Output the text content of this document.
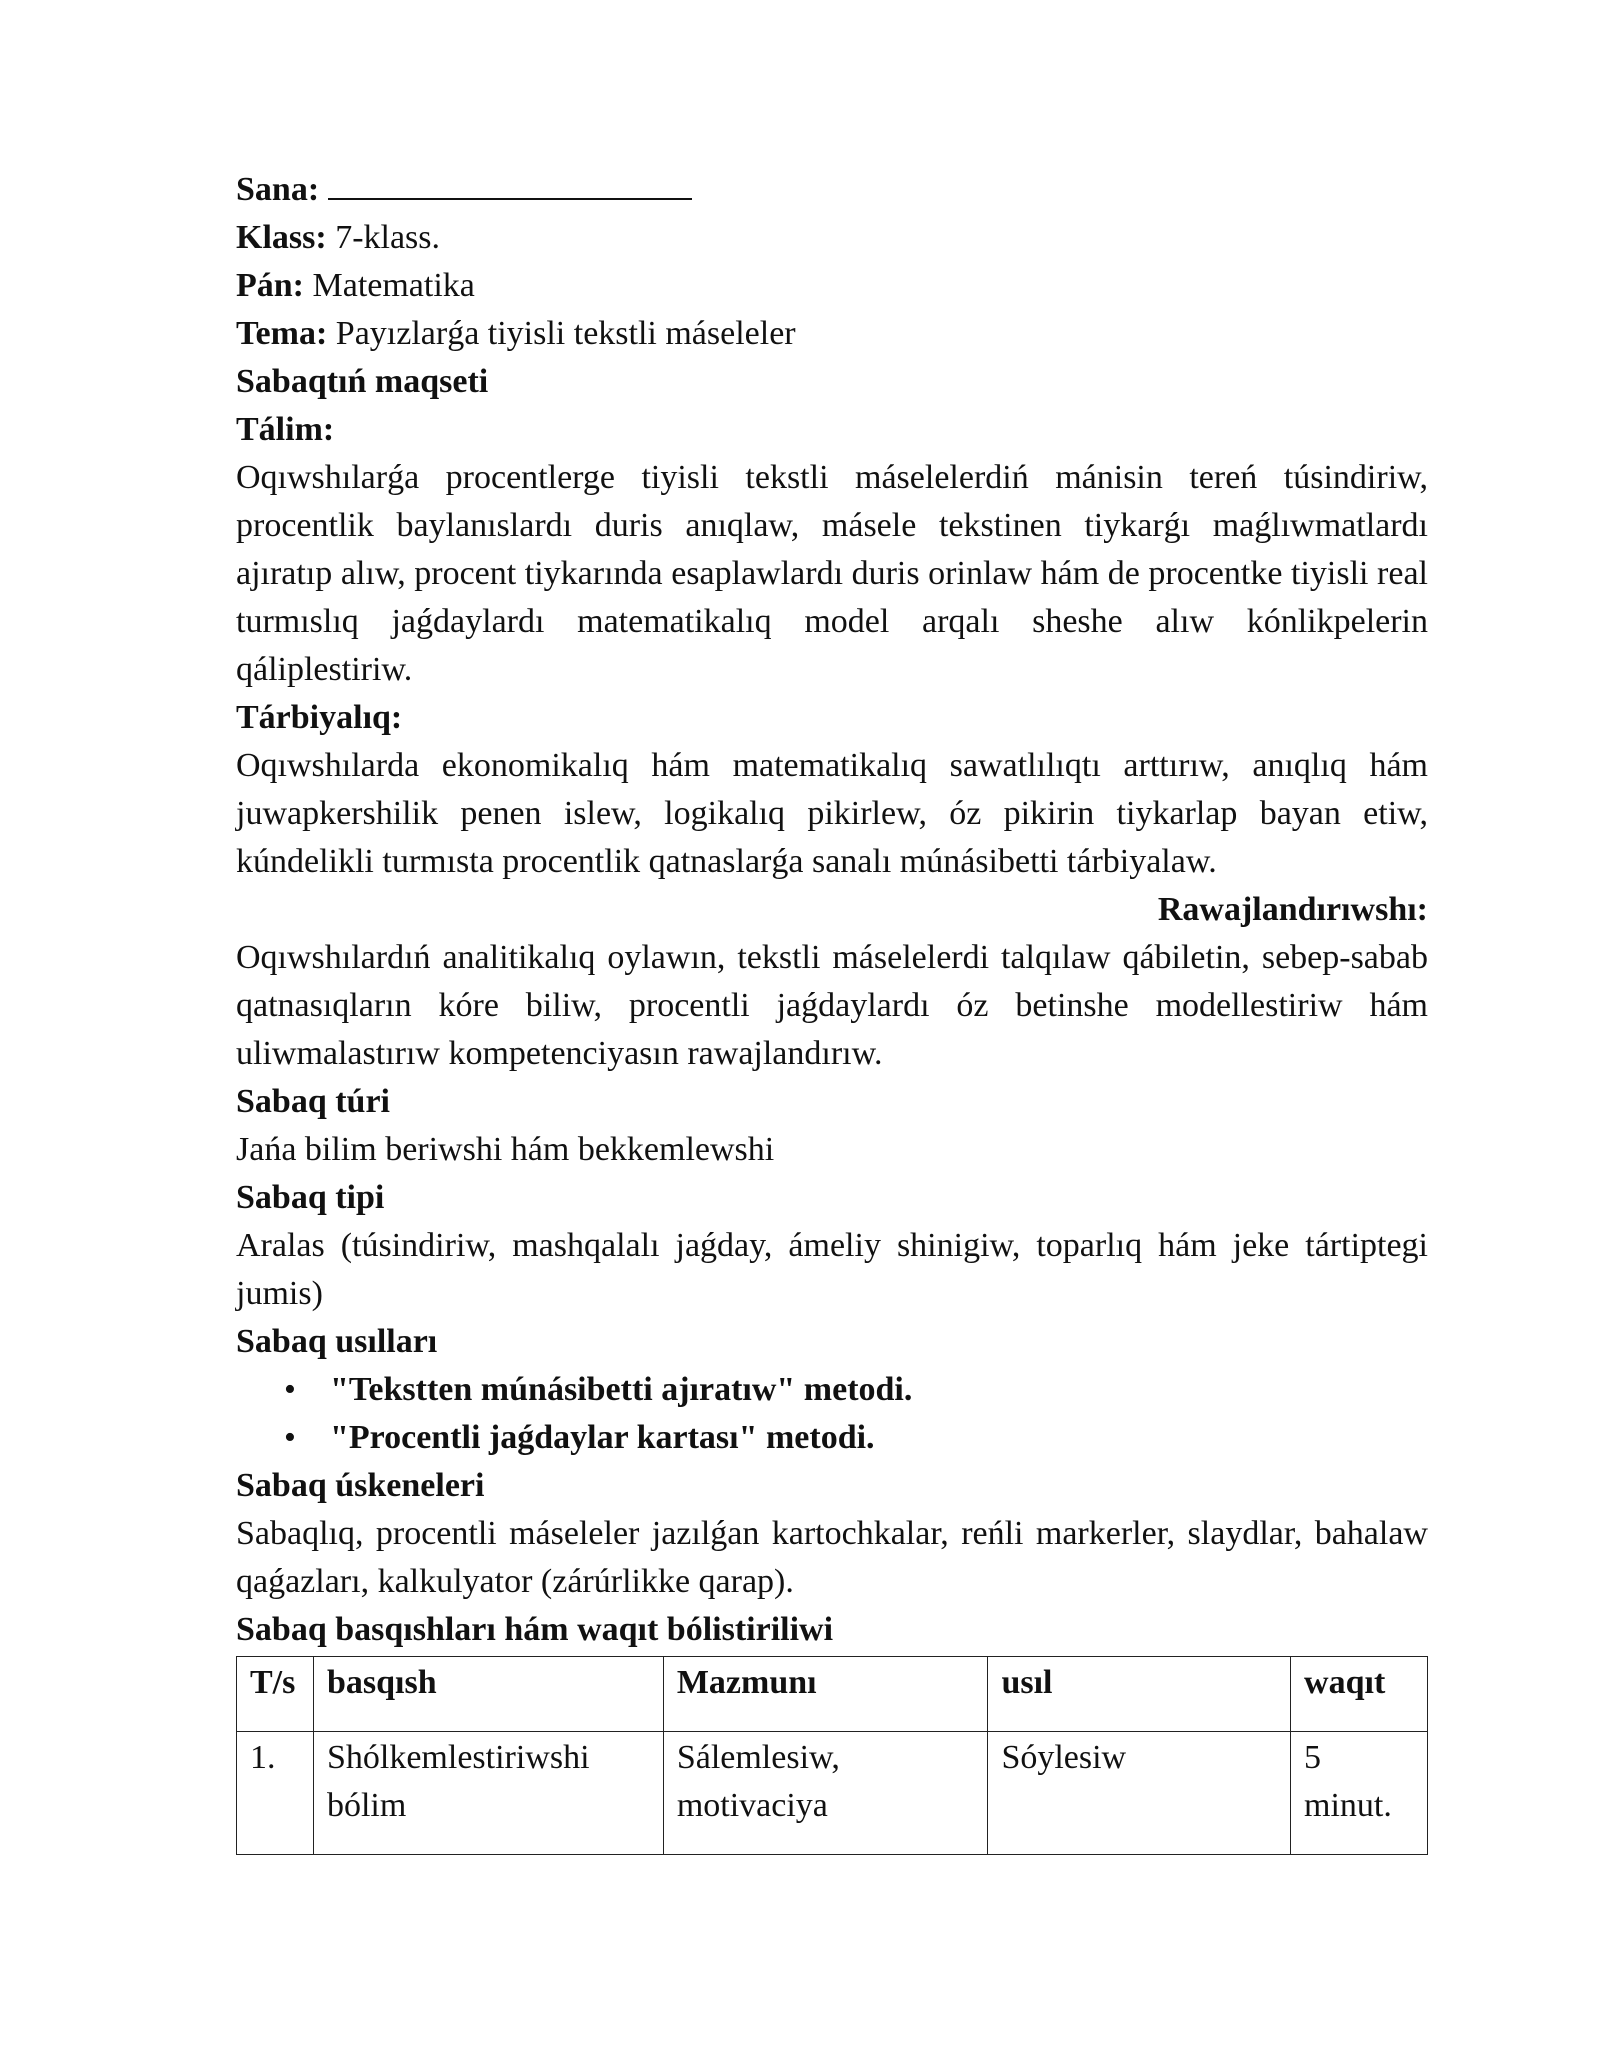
Sana:
Klass: 7-klass.
Pán: Matematika
Tema: Payızlarǵa tiyisli tekstli máseleler
Sabaqtıń maqseti
Tálim:
Oqıwshılarǵa procentlerge tiyisli tekstli máselelerdiń mánisin tereń túsindiriw, procentlik baylanıslardı duris anıqlaw, másele tekstinen tiykarǵı maǵlıwmatlardı ajıratıp alıw, procent tiykarında esaplawlardı duris orinlaw hám de procentke tiyisli real turmıslıq jaǵdaylardı matematikalıq model arqalı sheshe alıw kónlikpelerin qáliplestiriw.
Tárbiyalıq:
Oqıwshılarda ekonomikalıq hám matematikalıq sawatlılıqtı arttırıw, anıqlıq hám juwapkershilik penen islew, logikalıq pikirlew, óz pikirin tiykarlap bayan etiw, kúndelikli turmısta procentlik qatnaslarǵa sanalı múnásibetti tárbiyalaw.
Rawajlandırıwshı:
Oqıwshılardıń analitikalıq oylawın, tekstli máselelerdi talqılaw qábiletin, sebep-sabab qatnasıqların kóre biliw, procentli jaǵdaylardı óz betinshe modellestiriw hám uliwmalastırıw kompetenciyasın rawajlandırıw.
Sabaq túri
Jańa bilim beriwshi hám bekkemlewshi
Sabaq tipi
Aralas (túsindiriw, mashqalalı jaǵday, ámeliy shinigiw, toparlıq hám jeke tártiptegi jumis)
Sabaq usılları
• "Tekstten múnásibetti ajıratıw" metodi.
• "Procentli jaǵdaylar kartası" metodi.
Sabaq úskeneleri
Sabaqlıq, procentli máseleler jazılǵan kartochkalar, reńli markerler, slaydlar, bahalaw qaǵazları, kalkulyator (zárúrlikke qarap).
Sabaq basqıshları hám waqıt bólistiriliwi
T/s	basqısh	Mazmunı	usıl	waqıt
1.	Shólkemlestiriwshi bólim	Sálemlesiw, motivaciya	Sóylesiw	5 minut.
